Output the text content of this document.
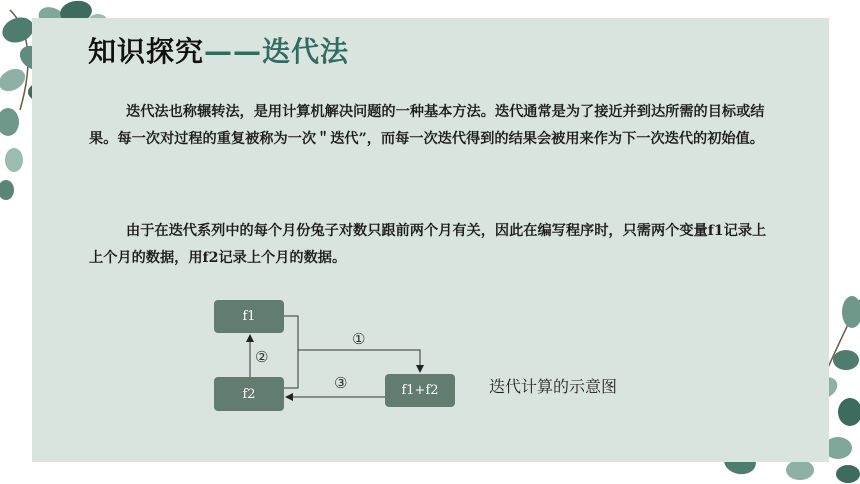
知识探究——迭代法

迭代法也称辗转法，是用计算机解决问题的一种基本方法。迭代通常是为了接近并到达所需的目标或结果。每一次对过程的重复被称为一次＂迭代”，而每一次迭代得到的结果会被用来作为下一次迭代的初始值。

由于在迭代系列中的每个月份兔子对数只跟前两个月有关，因此在编写程序时，只需两个变量f1记录上上个月的数据，用f2记录上个月的数据。

f1
f2	f1+f2
①
②
③	迭代计算的示意图
